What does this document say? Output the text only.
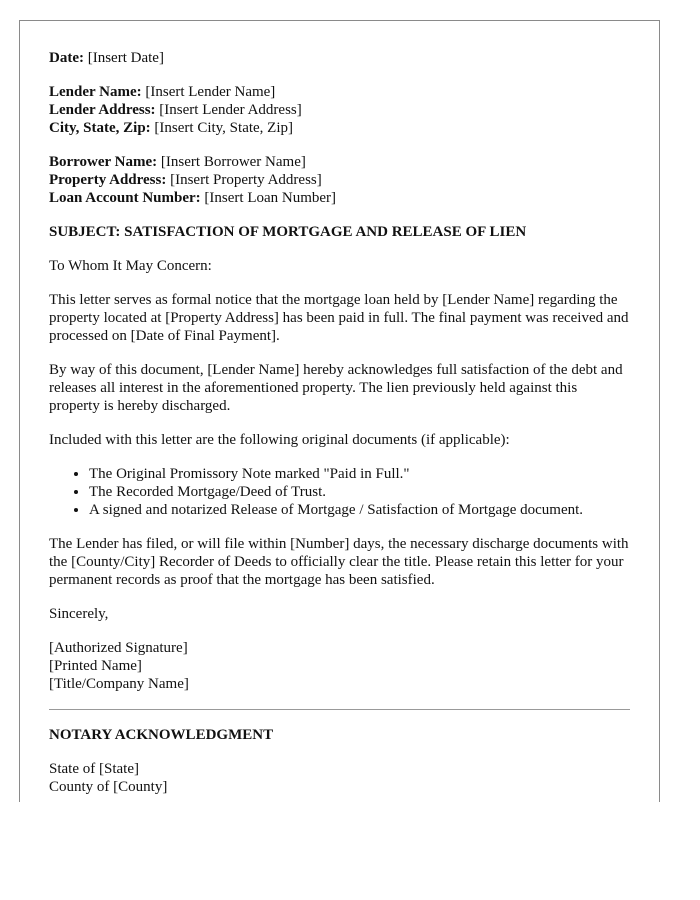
Date: [Insert Date]
Lender Name: [Insert Lender Name]
Lender Address: [Insert Lender Address]
City, State, Zip: [Insert City, State, Zip]
Borrower Name: [Insert Borrower Name]
Property Address: [Insert Property Address]
Loan Account Number: [Insert Loan Number]
SUBJECT: SATISFACTION OF MORTGAGE AND RELEASE OF LIEN

To Whom It May Concern:

This letter serves as formal notice that the mortgage loan held by [Lender Name] regarding the property located at [Property Address] has been paid in full. The final payment was received and processed on [Date of Final Payment].

By way of this document, [Lender Name] hereby acknowledges full satisfaction of the debt and releases all interest in the aforementioned property. The lien previously held against this property is hereby discharged.

Included with this letter are the following original documents (if applicable):

• The Original Promissory Note marked "Paid in Full."
• The Recorded Mortgage/Deed of Trust.
• A signed and notarized Release of Mortgage / Satisfaction of Mortgage document.

The Lender has filed, or will file within [Number] days, the necessary discharge documents with the [County/City] Recorder of Deeds to officially clear the title. Please retain this letter for your permanent records as proof that the mortgage has been satisfied.

Sincerely,

[Authorized Signature]
[Printed Name]
[Title/Company Name]
NOTARY ACKNOWLEDGMENT
State of [State]
County of [County]
